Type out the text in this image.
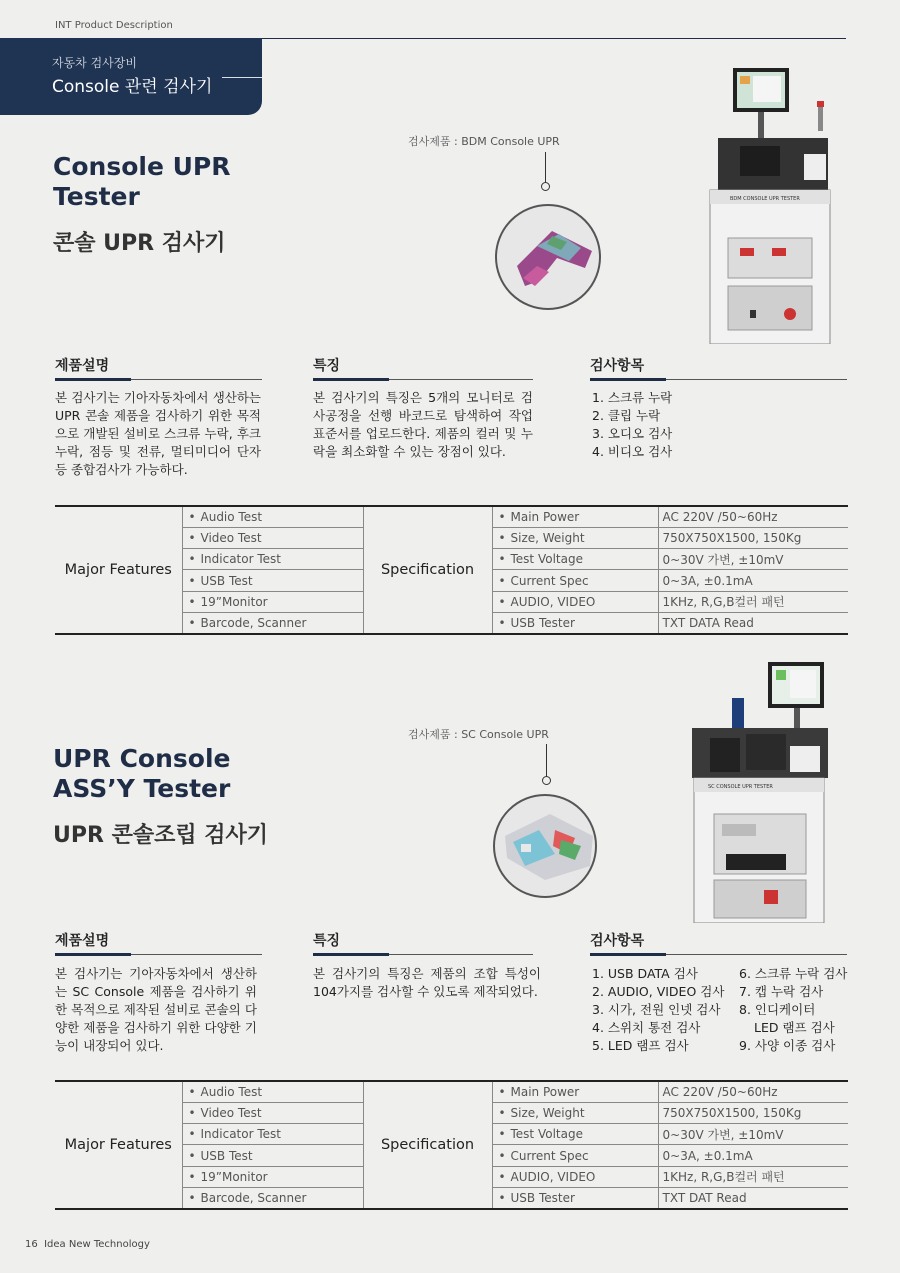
INT Product Description
자동차 검사장비
Console 관련 검사기
Console UPR
Tester
콘솔 UPR 검사기
검사제품 : BDM Console UPR
BDM CONSOLE UPR TESTER
제품설명
본 검사기는 기아자동차에서 생산하는 UPR 콘솔 제품을 검사하기 위한 목적으로 개발된 설비로 스크류 누락, 후크 누락, 점등 및 전류, 멀티미디어 단자 등 종합검사가 가능하다.
특징
본 검사기의 특징은 5개의 모니터로 검사공정을 선행 바코드로 탐색하여 작업표준서를 업로드한다. 제품의 컬러 및 누락을 최소화할 수 있는 장점이 있다.
검사항목
1. 스크류 누락
2. 클립 누락
3. 오디오 검사
4. 비디오 검사
Major Features	• Audio Test	Specification	• Main Power	AC 220V /50~60Hz
	• Video Test		• Size, Weight	750X750X1500, 150Kg
	• Indicator Test		• Test Voltage	0~30V 가변, ±10mV
	• USB Test		• Current Spec	0~3A, ±0.1mA
	• 19”Monitor		• AUDIO, VIDEO	1KHz, R,G,B컬러 패턴
	• Barcode, Scanner		• USB Tester	TXT DATA Read
UPR Console
ASS’Y Tester
UPR 콘솔조립 검사기
검사제품 : SC Console UPR
SC CONSOLE UPR TESTER
제품설명
본 검사기는 기아자동차에서 생산하는 SC Console 제품을 검사하기 위한 목적으로 제작된 설비로 콘솔의 다양한 제품을 검사하기 위한 다양한 기능이 내장되어 있다.
특징
본 검사기의 특징은 제품의 조합 특성이 104가지를 검사할 수 있도록 제작되었다.
검사항목
1. USB DATA 검사
2. AUDIO, VIDEO 검사
3. 시가, 전원 인넷 검사
4. 스위치 통전 검사
5. LED 램프 검사
6. 스크류 누락 검사
7. 캡 누락 검사
8. 인디케이터
LED 램프 검사
9. 사양 이종 검사
Major Features	• Audio Test	Specification	• Main Power	AC 220V /50~60Hz
	• Video Test		• Size, Weight	750X750X1500, 150Kg
	• Indicator Test		• Test Voltage	0~30V 가변, ±10mV
	• USB Test		• Current Spec	0~3A, ±0.1mA
	• 19”Monitor		• AUDIO, VIDEO	1KHz, R,G,B컬러 패턴
	• Barcode, Scanner		• USB Tester	TXT DAT Read
16 Idea New Technology
